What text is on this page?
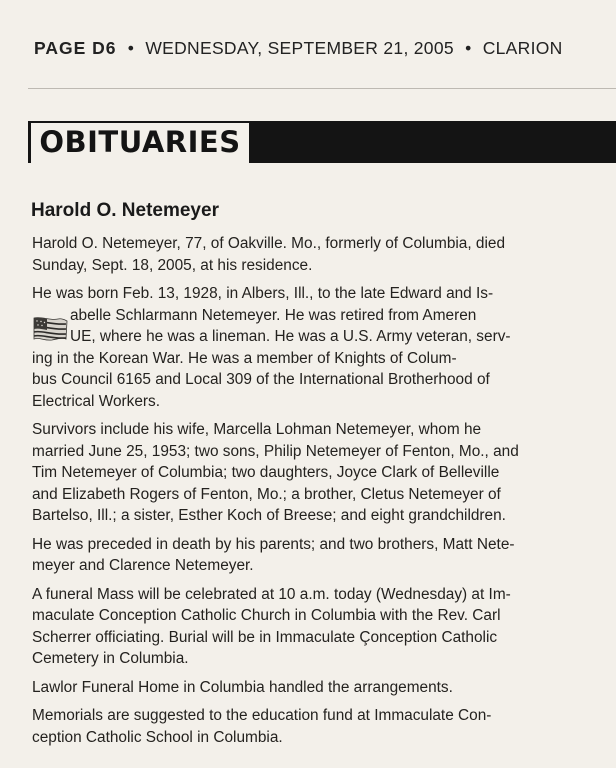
PAGE D6 • WEDNESDAY, SEPTEMBER 21, 2005 • CLARION
OBITUARIES
Harold O. Netemeyer

Harold O. Netemeyer, 77, of Oakville. Mo., formerly of Columbia, died
Sunday, Sept. 18, 2005, at his residence.

He was born Feb. 13, 1928, in Albers, Ill., to the late Edward and Is-
abelle Schlarmann Netemeyer. He was retired from Ameren
UE, where he was a lineman. He was a U.S. Army veteran, serv-
ing in the Korean War. He was a member of Knights of Colum-
bus Council 6165 and Local 309 of the International Brotherhood of
Electrical Workers.

Survivors include his wife, Marcella Lohman Netemeyer, whom he
married June 25, 1953; two sons, Philip Netemeyer of Fenton, Mo., and
Tim Netemeyer of Columbia; two daughters, Joyce Clark of Belleville
and Elizabeth Rogers of Fenton, Mo.; a brother, Cletus Netemeyer of
Bartelso, Ill.; a sister, Esther Koch of Breese; and eight grandchildren.

He was preceded in death by his parents; and two brothers, Matt Nete-
meyer and Clarence Netemeyer.

A funeral Mass will be celebrated at 10 a.m. today (Wednesday) at Im-
maculate Conception Catholic Church in Columbia with the Rev. Carl
Scherrer officiating. Burial will be in Immaculate Çonception Catholic
Cemetery in Columbia.

Lawlor Funeral Home in Columbia handled the arrangements.

Memorials are suggested to the education fund at Immaculate Con-
ception Catholic School in Columbia.
